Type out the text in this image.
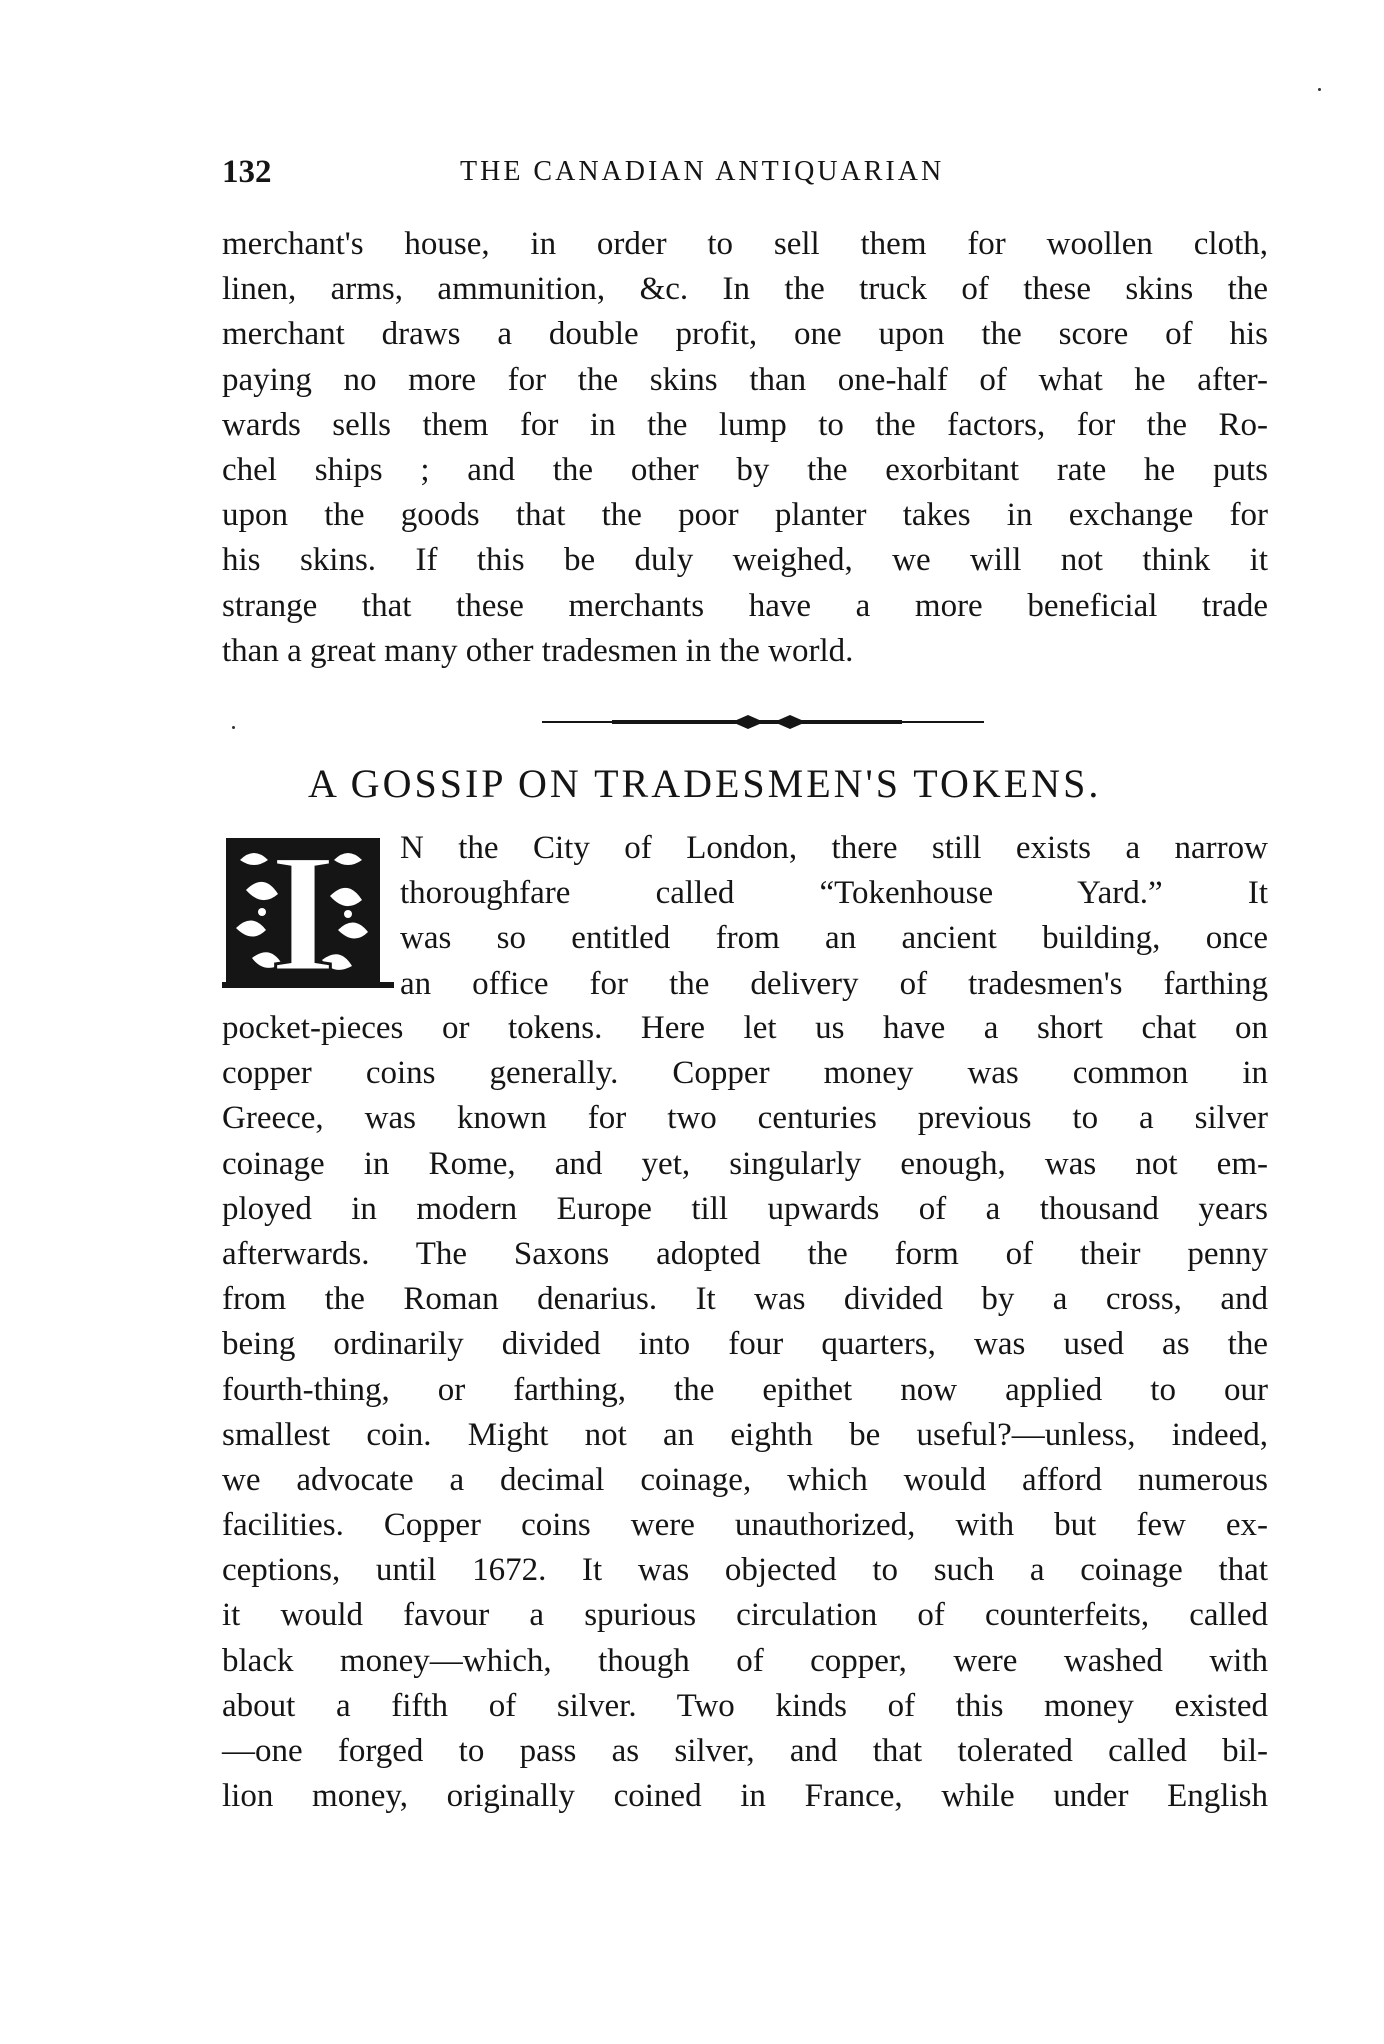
132	THE CANADIAN ANTIQUARIAN
merchant's house, in order to sell them for woollen cloth,
linen, arms, ammunition, &c. In the truck of these skins the
merchant draws a double profit, one upon the score of his
paying no more for the skins than one-half of what he after-
wards sells them for in the lump to the factors, for the Ro-
chel ships ; and the other by the exorbitant rate he puts
upon the goods that the poor planter takes in exchange for
his skins. If this be duly weighed, we will not think it
strange that these merchants have a more beneficial trade
than a great many other tradesmen in the world.
A GOSSIP ON TRADESMEN'S TOKENS.
I N the City of London, there still exists a narrow
thoroughfare called “Tokenhouse Yard.” It
was so entitled from an ancient building, once
an office for the delivery of tradesmen's farthing
pocket-pieces or tokens. Here let us have a short chat on
copper coins generally. Copper money was common in
Greece, was known for two centuries previous to a silver
coinage in Rome, and yet, singularly enough, was not em-
ployed in modern Europe till upwards of a thousand years
afterwards. The Saxons adopted the form of their penny
from the Roman denarius. It was divided by a cross, and
being ordinarily divided into four quarters, was used as the
fourth-thing, or farthing, the epithet now applied to our
smallest coin. Might not an eighth be useful?—unless, indeed,
we advocate a decimal coinage, which would afford numerous
facilities. Copper coins were unauthorized, with but few ex-
ceptions, until 1672. It was objected to such a coinage that
it would favour a spurious circulation of counterfeits, called
black money—which, though of copper, were washed with
about a fifth of silver. Two kinds of this money existed
—one forged to pass as silver, and that tolerated called bil-
lion money, originally coined in France, while under English
